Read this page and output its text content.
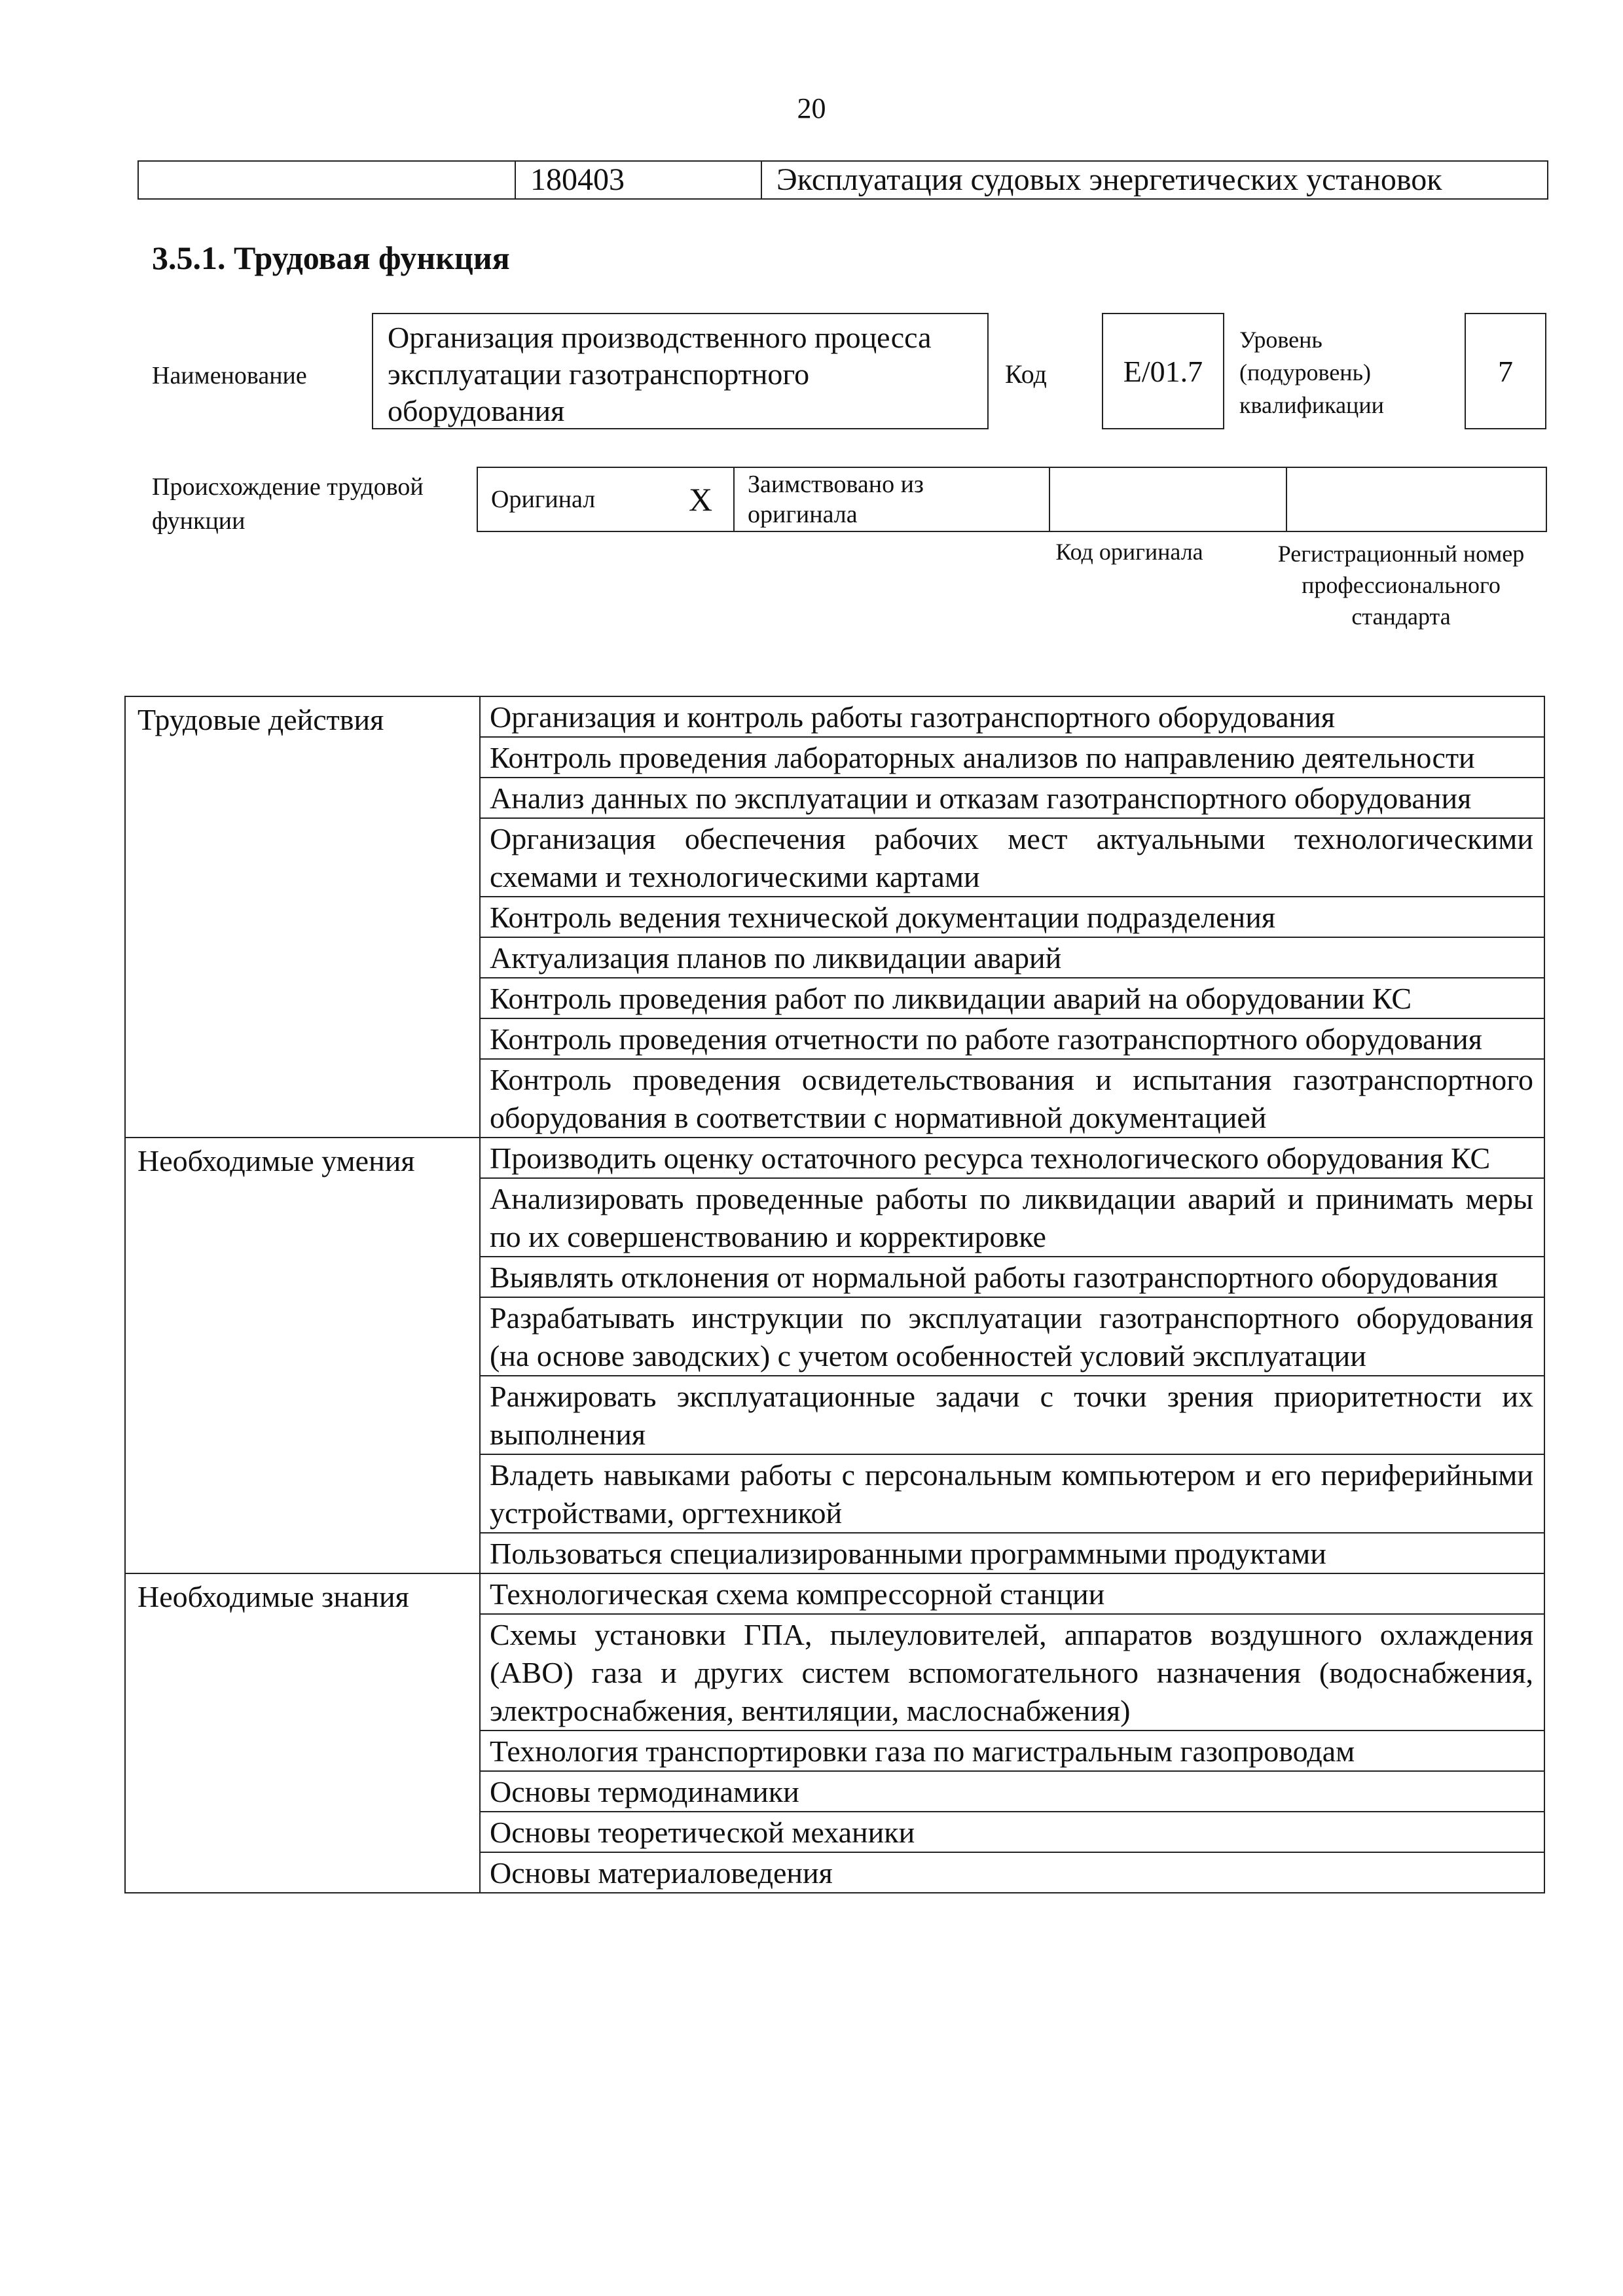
20
	180403	Эксплуатация судовых энергетических установок
3.5.1. Трудовая функция
Наименование
Организация производственного процесса эксплуатации газотранспортного оборудования
Код	E/01.7
Уровень (подуровень) квалификации
7
Происхождение трудовой функции
Оригинал	X	Заимствовано из оригинала		
Код оригинала	Регистрационный номер профессионального стандарта
Трудовые действия	Организация и контроль работы газотранспортного оборудования
	Контроль проведения лабораторных анализов по направлению деятельности
	Анализ данных по эксплуатации и отказам газотранспортного оборудования
	Организация обеспечения рабочих мест актуальными технологическими схемами и технологическими картами
	Контроль ведения технической документации подразделения
	Актуализация планов по ликвидации аварий
	Контроль проведения работ по ликвидации аварий на оборудовании КС
	Контроль проведения отчетности по работе газотранспортного оборудования
	Контроль проведения освидетельствования и испытания газотранспортного оборудования в соответствии с нормативной документацией
Необходимые умения	Производить оценку остаточного ресурса технологического оборудования КС
	Анализировать проведенные работы по ликвидации аварий и принимать меры по их совершенствованию и корректировке
	Выявлять отклонения от нормальной работы газотранспортного оборудования
	Разрабатывать инструкции по эксплуатации газотранспортного оборудования (на основе заводских) с учетом особенностей условий эксплуатации
	Ранжировать эксплуатационные задачи с точки зрения приоритетности их выполнения
	Владеть навыками работы с персональным компьютером и его периферийными устройствами, оргтехникой
	Пользоваться специализированными программными продуктами
Необходимые знания	Технологическая схема компрессорной станции
	Схемы установки ГПА, пылеуловителей, аппаратов воздушного охлаждения (АВО) газа и других систем вспомогательного назначения (водоснабжения, электроснабжения, вентиляции, маслоснабжения)
	Технология транспортировки газа по магистральным газопроводам
	Основы термодинамики
	Основы теоретической механики
	Основы материаловедения
